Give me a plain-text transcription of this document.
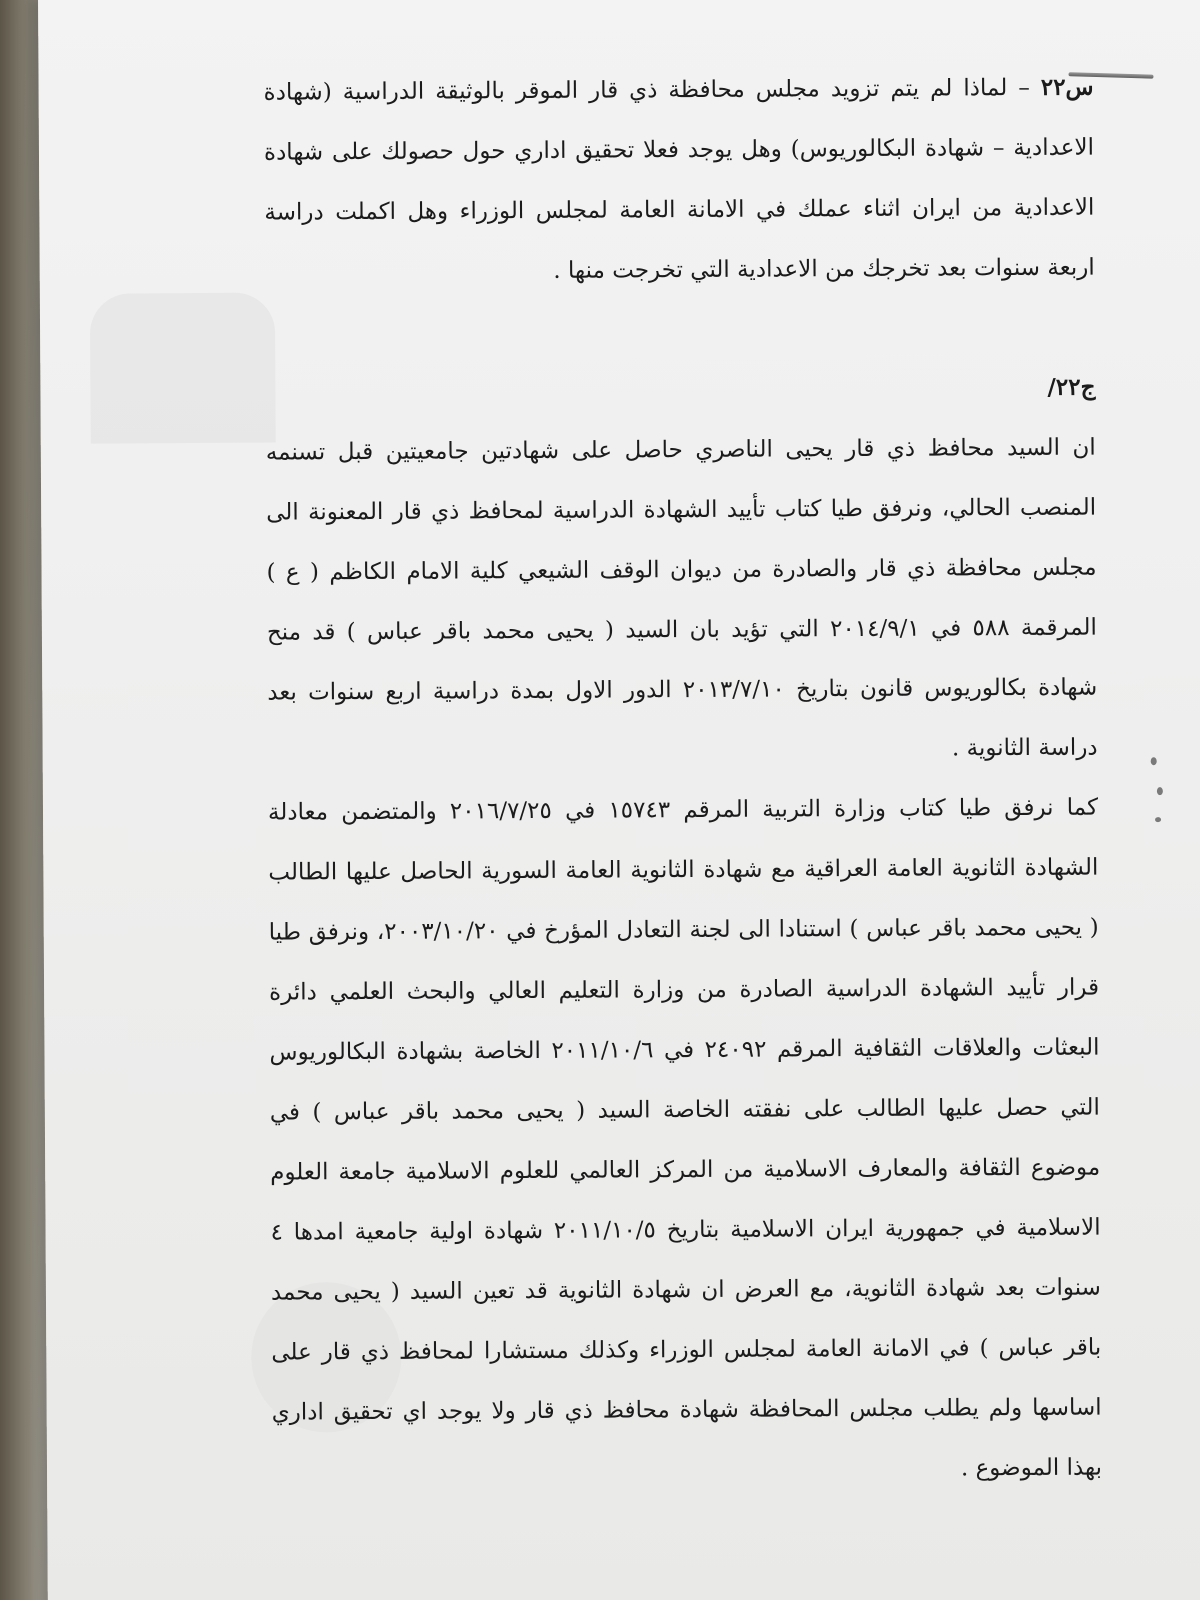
س٢٢ – لماذا لم يتم تزويد مجلس محافظة ذي قار الموقر بالوثيقة الدراسية (شهادة الاعدادية – شهادة البكالوريوس) وهل يوجد فعلا تحقيق اداري حول حصولك على شهادة الاعدادية من ايران اثناء عملك في الامانة العامة لمجلس الوزراء وهل اكملت دراسة اربعة سنوات بعد تخرجك من الاعدادية التي تخرجت منها .

ج٢٢/

ان السيد محافظ ذي قار يحيى الناصري حاصل على شهادتين جامعيتين قبل تسنمه المنصب الحالي، ونرفق طيا كتاب تأييد الشهادة الدراسية لمحافظ ذي قار المعنونة الى مجلس محافظة ذي قار والصادرة من ديوان الوقف الشيعي كلية الامام الكاظم ( ع ) المرقمة ٥٨٨ في ٢٠١٤/٩/١ التي تؤيد بان السيد ( يحيى محمد باقر عباس ) قد منح شهادة بكالوريوس قانون بتاريخ ٢٠١٣/٧/١٠ الدور الاول بمدة دراسية اربع سنوات بعد دراسة الثانوية .

كما نرفق طيا كتاب وزارة التربية المرقم ١٥٧٤٣ في ٢٠١٦/٧/٢٥ والمتضمن معادلة الشهادة الثانوية العامة العراقية مع شهادة الثانوية العامة السورية الحاصل عليها الطالب ( يحيى محمد باقر عباس ) استنادا الى لجنة التعادل المؤرخ في ٢٠٠٣/١٠/٢٠، ونرفق طيا قرار تأييد الشهادة الدراسية الصادرة من وزارة التعليم العالي والبحث العلمي دائرة البعثات والعلاقات الثقافية المرقم ٢٤٠٩٢ في ٢٠١١/١٠/٦ الخاصة بشهادة البكالوريوس التي حصل عليها الطالب على نفقته الخاصة السيد ( يحيى محمد باقر عباس ) في موضوع الثقافة والمعارف الاسلامية من المركز العالمي للعلوم الاسلامية جامعة العلوم الاسلامية في جمهورية ايران الاسلامية بتاريخ ٢٠١١/١٠/٥ شهادة اولية جامعية امدها ٤ سنوات بعد شهادة الثانوية، مع العرض ان شهادة الثانوية قد تعين السيد ( يحيى محمد باقر عباس ) في الامانة العامة لمجلس الوزراء وكذلك مستشارا لمحافظ ذي قار على اساسها ولم يطلب مجلس المحافظة شهادة محافظ ذي قار ولا يوجد اي تحقيق اداري بهذا الموضوع .
